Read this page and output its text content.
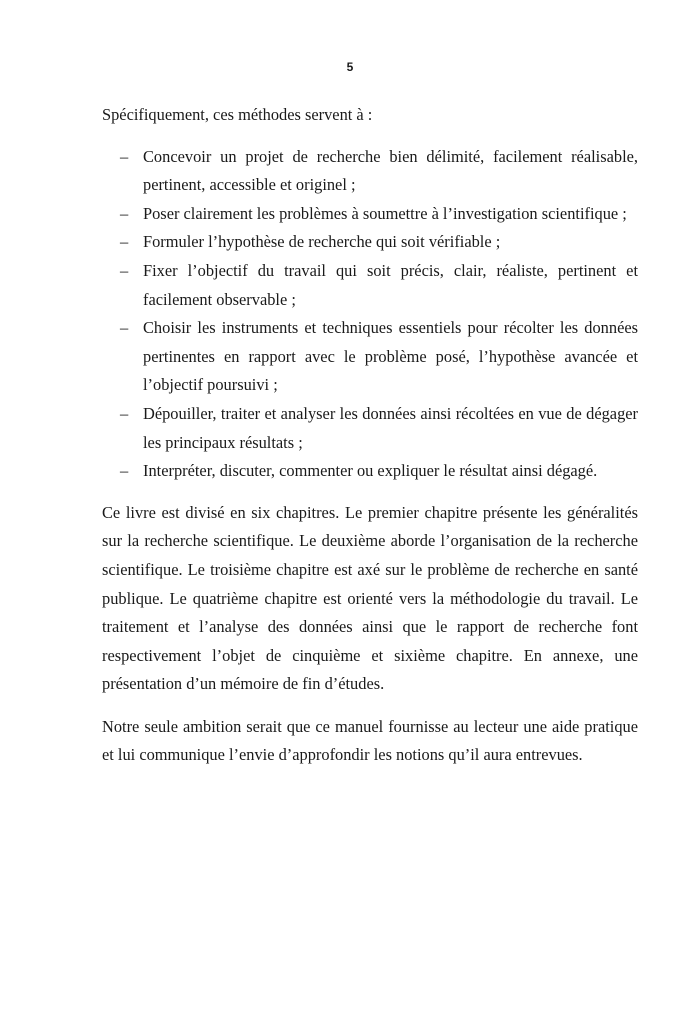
5

Spécifiquement, ces méthodes servent à :

– Concevoir un projet de recherche bien délimité, facilement réalisable, pertinent, accessible et originel ;
– Poser clairement les problèmes à soumettre à l’investigation scientifique ;
– Formuler l’hypothèse de recherche qui soit vérifiable ;
– Fixer l’objectif du travail qui soit précis, clair, réaliste, pertinent et facilement observable ;
– Choisir les instruments et techniques essentiels pour récolter les données pertinentes en rapport avec le problème posé, l’hypothèse avancée et l’objectif poursuivi ;
– Dépouiller, traiter et analyser les données ainsi récoltées en vue de dégager les principaux résultats ;
– Interpréter, discuter, commenter ou expliquer le résultat ainsi dégagé.

Ce livre est divisé en six chapitres. Le premier chapitre présente les généralités sur la recherche scientifique. Le deuxième aborde l’organisation de la recherche scientifique. Le troisième chapitre est axé sur le problème de recherche en santé publique. Le quatrième chapitre est orienté vers la méthodologie du travail. Le traitement et l’analyse des données ainsi que le rapport de recherche font respectivement l’objet de cinquième et sixième chapitre. En annexe, une présentation d’un mémoire de fin d’études.

Notre seule ambition serait que ce manuel fournisse au lecteur une aide pratique et lui communique l’envie d’approfondir les notions qu’il aura entrevues.
